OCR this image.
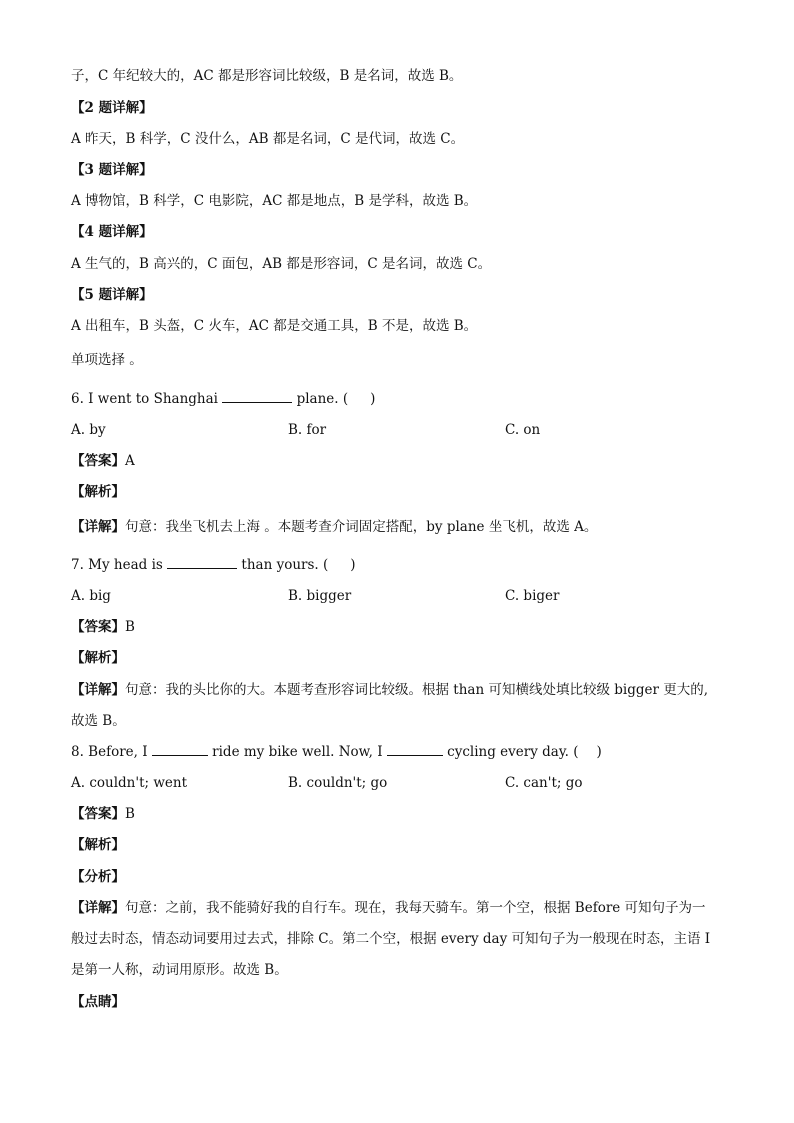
子，C 年纪较大的，AC 都是形容词比较级，B 是名词，故选 B。
【2 题详解】
A 昨天，B 科学，C 没什么，AB 都是名词，C 是代词，故选 C。
【3 题详解】
A 博物馆，B 科学，C 电影院，AC 都是地点，B 是学科，故选 B。
【4 题详解】
A 生气的，B 高兴的，C 面包，AB 都是形容词，C 是名词，故选 C。
【5 题详解】
A 出租车，B 头盔，C 火车，AC 都是交通工具，B 不是，故选 B。
单项选择 。
6. I went to Shanghai	plane. ( )
A. by	B. for	C. on
【答案】A
【解析】
【详解】句意：我坐飞机去上海 。本题考查介词固定搭配，by plane 坐飞机，故选 A。
7. My head is	than yours. ( )
A. big	B. bigger	C. biger
【答案】B
【解析】
【详解】句意：我的头比你的大。本题考查形容词比较级。根据 than 可知横线处填比较级 bigger 更大的,
故选 B。
8. Before, I	ride my bike well. Now, I	cycling every day. ( )
A. couldn't; went	B. couldn't; go	C. can't; go
【答案】B
【解析】
【分析】
【详解】句意：之前，我不能骑好我的自行车。现在，我每天骑车。第一个空，根据 Before 可知句子为一
般过去时态，情态动词要用过去式，排除 C。第二个空，根据 every day 可知句子为一般现在时态，主语 I
是第一人称，动词用原形。故选 B。
【点睛】
